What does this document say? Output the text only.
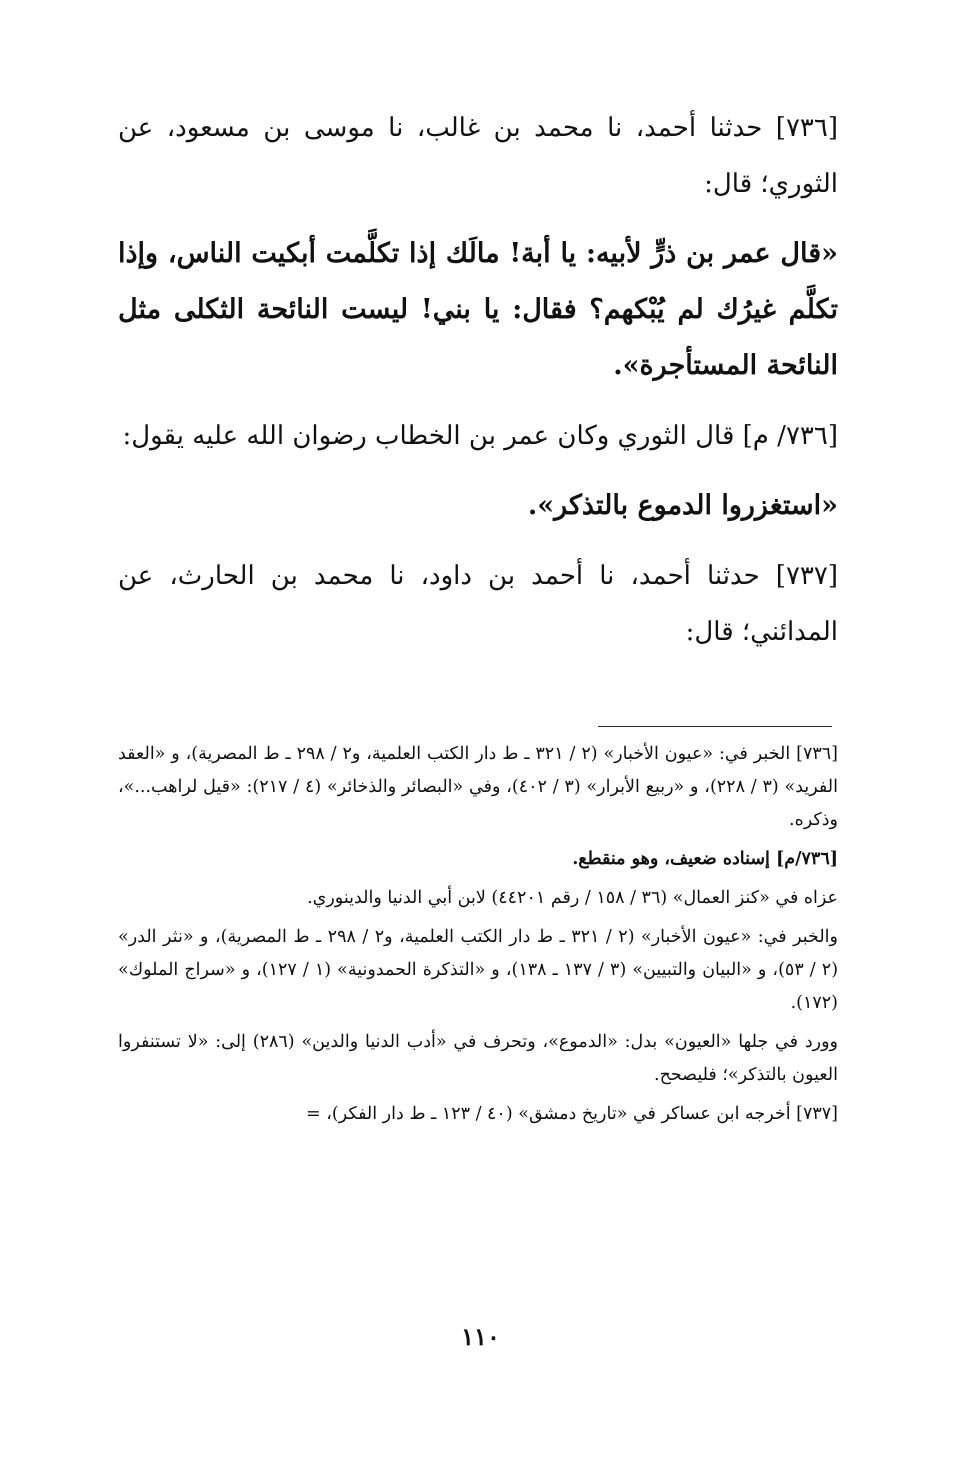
[٧٣٦] حدثنا أحمد، نا محمد بن غالب، نا موسى بن مسعود، عن الثوري؛ قال:

«قال عمر بن ذرٍّ لأبيه: يا أبة! مالَك إذا تكلَّمت أبكيت الناس، وإذا تكلَّم غيرُك لم يُبْكهم؟ فقال: يا بني! ليست النائحة الثكلى مثل النائحة المستأجرة».

[٧٣٦/ م] قال الثوري وكان عمر بن الخطاب رضوان الله عليه يقول:

«استغزروا الدموع بالتذكر».

[٧٣٧] حدثنا أحمد، نا أحمد بن داود، نا محمد بن الحارث، عن المدائني؛ قال:

[٧٣٦] الخبر في: «عيون الأخبار» (٢ / ٣٢١ ـ ط دار الكتب العلمية، و٢ / ٢٩٨ ـ ط المصرية)، و «العقد الفريد» (٣ / ٢٢٨)، و «ربيع الأبرار» (٣ / ٤٠٢)، وفي «البصائر والذخائر» (٤ / ٢١٧): «قيل لراهب...»، وذكره.

[٧٣٦/م] إسناده ضعيف، وهو منقطع.

عزاه في «كنز العمال» (٣٦ / ١٥٨ / رقم ٤٤٢٠١) لابن أبي الدنيا والدينوري.

والخبر في: «عيون الأخبار» (٢ / ٣٢١ ـ ط دار الكتب العلمية، و٢ / ٢٩٨ ـ ط المصرية)، و «نثر الدر» (٢ / ٥٣)، و «البيان والتبيين» (٣ / ١٣٧ ـ ١٣٨)، و «التذكرة الحمدونية» (١ / ١٢٧)، و «سراج الملوك» (١٧٢).

وورد في جلها «العيون» بدل: «الدموع»، وتحرف في «أدب الدنيا والدين» (٢٨٦) إلى: «لا تستنفروا العيون بالتذكر»؛ فليصحح.

[٧٣٧] أخرجه ابن عساكر في «تاريخ دمشق» (٤٠ / ١٢٣ ـ ط دار الفكر)، =

١١٠
